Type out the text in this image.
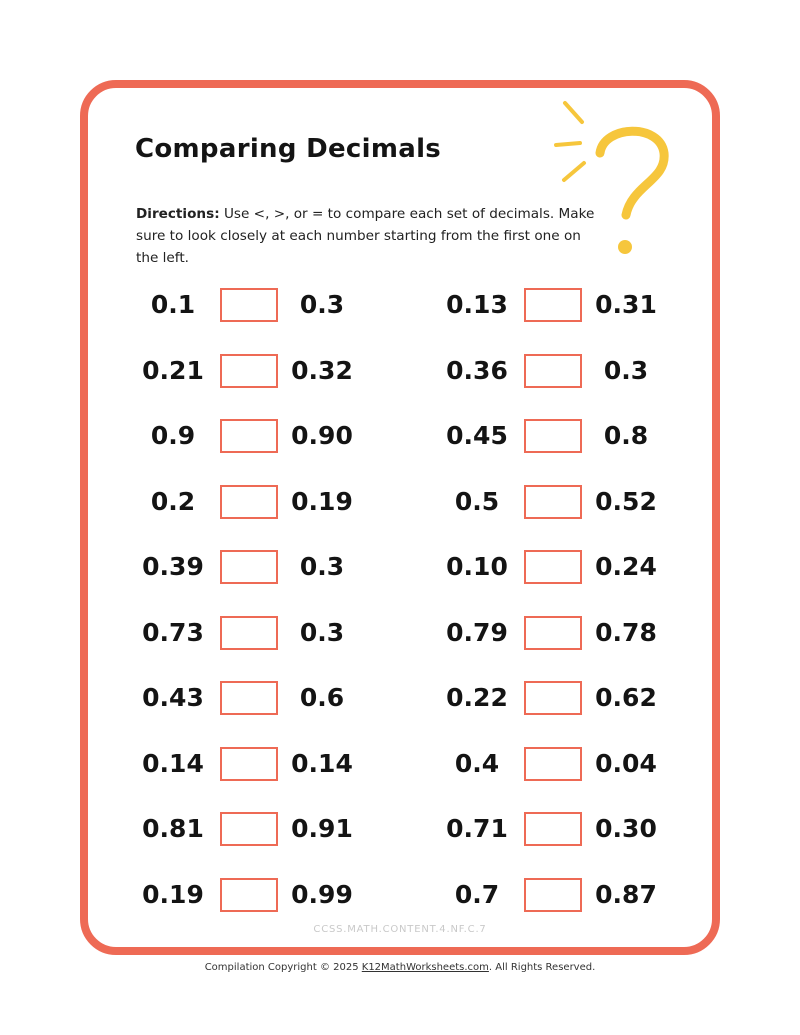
Comparing Decimals
Directions: Use <, >, or = to compare each set of decimals. Make sure to look closely at each number starting from the first one on the left.
0.1	0.3
0.21	0.32
0.9	0.90
0.2	0.19
0.39	0.3
0.73	0.3
0.43	0.6
0.14	0.14
0.81	0.91
0.19	0.99
0.13	0.31
0.36	0.3
0.45	0.8
0.5	0.52
0.10	0.24
0.79	0.78
0.22	0.62
0.4	0.04
0.71	0.30
0.7	0.87
CCSS.MATH.CONTENT.4.NF.C.7
Compilation Copyright © 2025 K12MathWorksheets.com. All Rights Reserved.
